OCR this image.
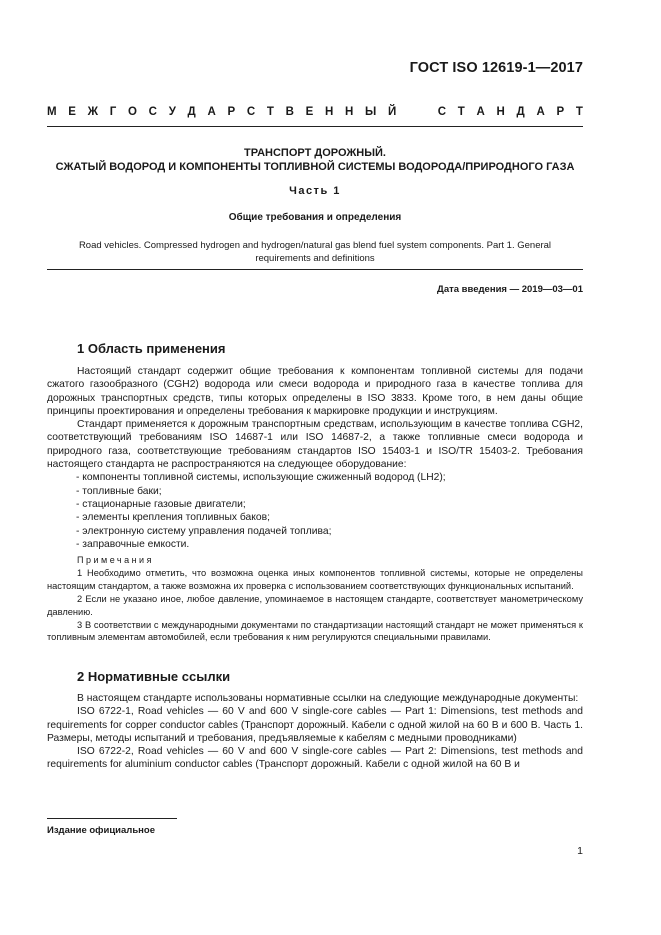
ГОСТ ISO 12619-1—2017
М Е Ж Г О С У Д А Р С Т В Е Н Н Ы Й

	С Т А Н Д А Р Т
ТРАНСПОРТ ДОРОЖНЫЙ.
СЖАТЫЙ ВОДОРОД И КОМПОНЕНТЫ ТОПЛИВНОЙ СИСТЕМЫ ВОДОРОДА/ПРИРОДНОГО ГАЗА
Часть 1
Общие требования и определения
Road vehicles. Compressed hydrogen and hydrogen/natural gas blend fuel system components. Part 1. General
requirements and definitions
Дата введения — 2019—03—01
1 Область применения

Настоящий стандарт содержит общие требования к компонентам топливной системы для подачи сжатого газообразного (CGH2) водорода или смеси водорода и природного газа в качестве топлива для дорожных транспортных средств, типы которых определены в ISO 3833. Кроме того, в нем даны общие принципы проектирования и определены требования к маркировке продукции и инструкциям.

Стандарт применяется к дорожным транспортным средствам, использующим в качестве топлива CGH2, соответствующий требованиям ISO 14687-1 или ISO 14687-2, а также топливные смеси водорода и природного газа, соответствующие требованиям стандартов ISO 15403-1 и ISO/TR 15403-2. Требования настоящего стандарта не распространяются на следующее оборудование:

- компоненты топливной системы, использующие сжиженный водород (LH2);

- топливные баки;

- стационарные газовые двигатели;

- элементы крепления топливных баков;

- электронную систему управления подачей топлива;

- заправочные емкости.

Примечания

1 Необходимо отметить, что возможна оценка иных компонентов топливной системы, которые не определены настоящим стандартом, а также возможна их проверка с использованием соответствующих функциональных испытаний.

2 Если не указано иное, любое давление, упоминаемое в настоящем стандарте, соответствует манометрическому давлению.

3 В соответствии с международными документами по стандартизации настоящий стандарт не может применяться к топливным элементам автомобилей, если требования к ним регулируются специальными правилами.

2 Нормативные ссылки

В настоящем стандарте использованы нормативные ссылки на следующие международные документы:

ISO 6722-1, Road vehicles — 60 V and 600 V single-core cables — Part 1: Dimensions, test methods and requirements for copper conductor cables (Транспорт дорожный. Кабели с одной жилой на 60 В и 600 В. Часть 1. Размеры, методы испытаний и требования, предъявляемые к кабелям с медными проводниками)

ISO 6722-2, Road vehicles — 60 V and 600 V single-core cables — Part 2: Dimensions, test methods and requirements for aluminium conductor cables (Транспорт дорожный. Кабели с одной жилой на 60 В и

Издание официальное
1
